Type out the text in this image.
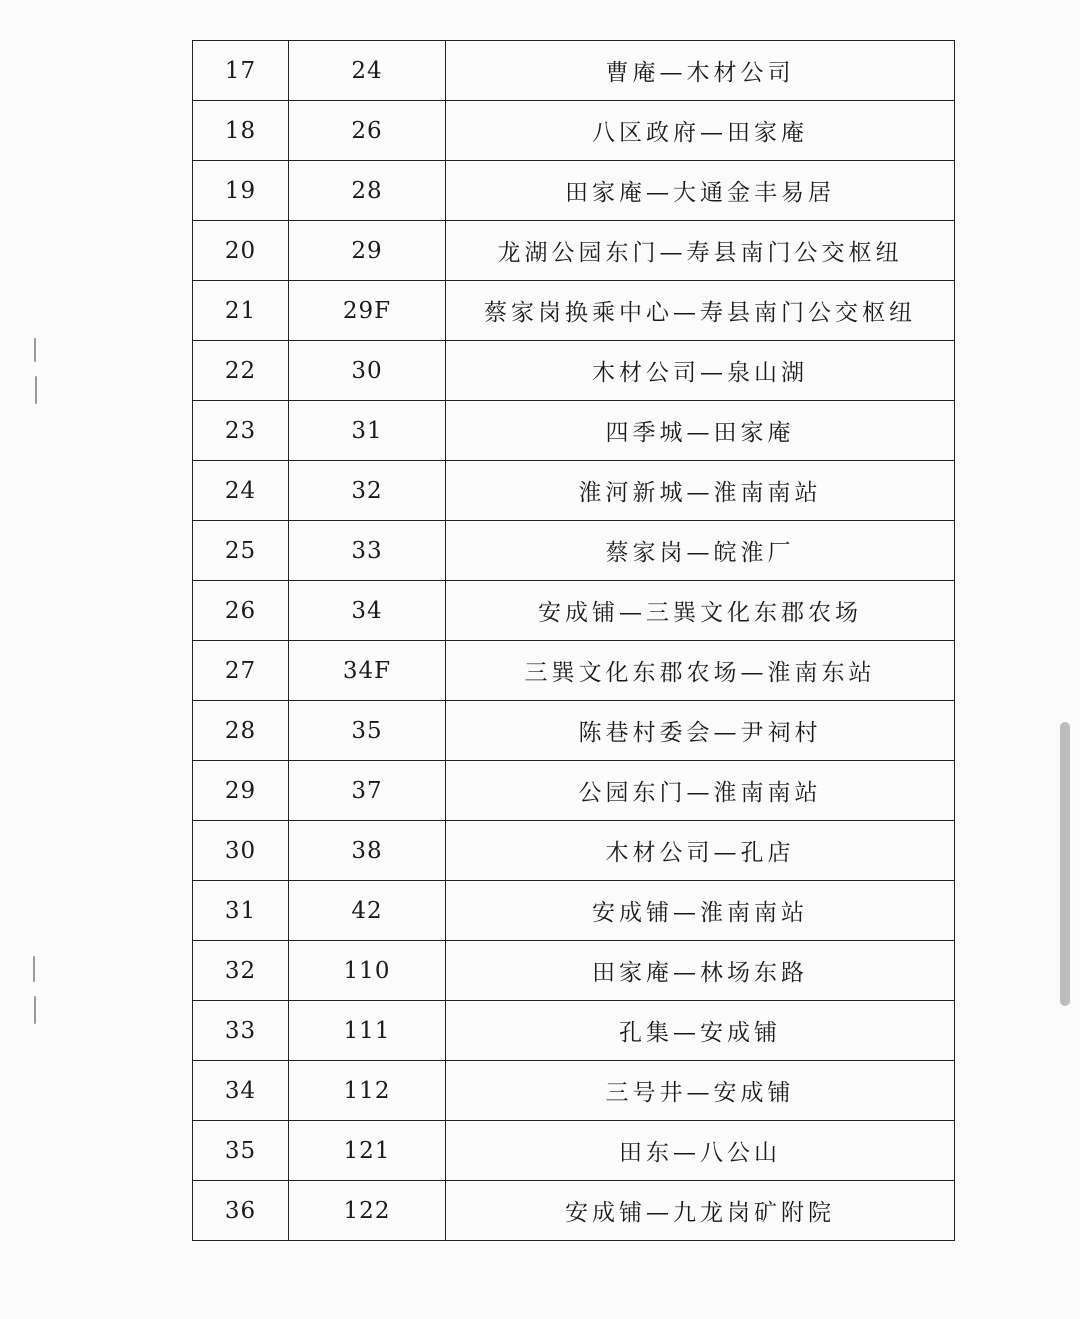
17	24	曹庵—木材公司
18	26	八区政府—田家庵
19	28	田家庵—大通金丰易居
20	29	龙湖公园东门—寿县南门公交枢纽
21	29F	蔡家岗换乘中心—寿县南门公交枢纽
22	30	木材公司—泉山湖
23	31	四季城—田家庵
24	32	淮河新城—淮南南站
25	33	蔡家岗—皖淮厂
26	34	安成铺—三巽文化东郡农场
27	34F	三巽文化东郡农场—淮南东站
28	35	陈巷村委会—尹祠村
29	37	公园东门—淮南南站
30	38	木材公司—孔店
31	42	安成铺—淮南南站
32	110	田家庵—林场东路
33	111	孔集—安成铺
34	112	三号井—安成铺
35	121	田东—八公山
36	122	安成铺—九龙岗矿附院
